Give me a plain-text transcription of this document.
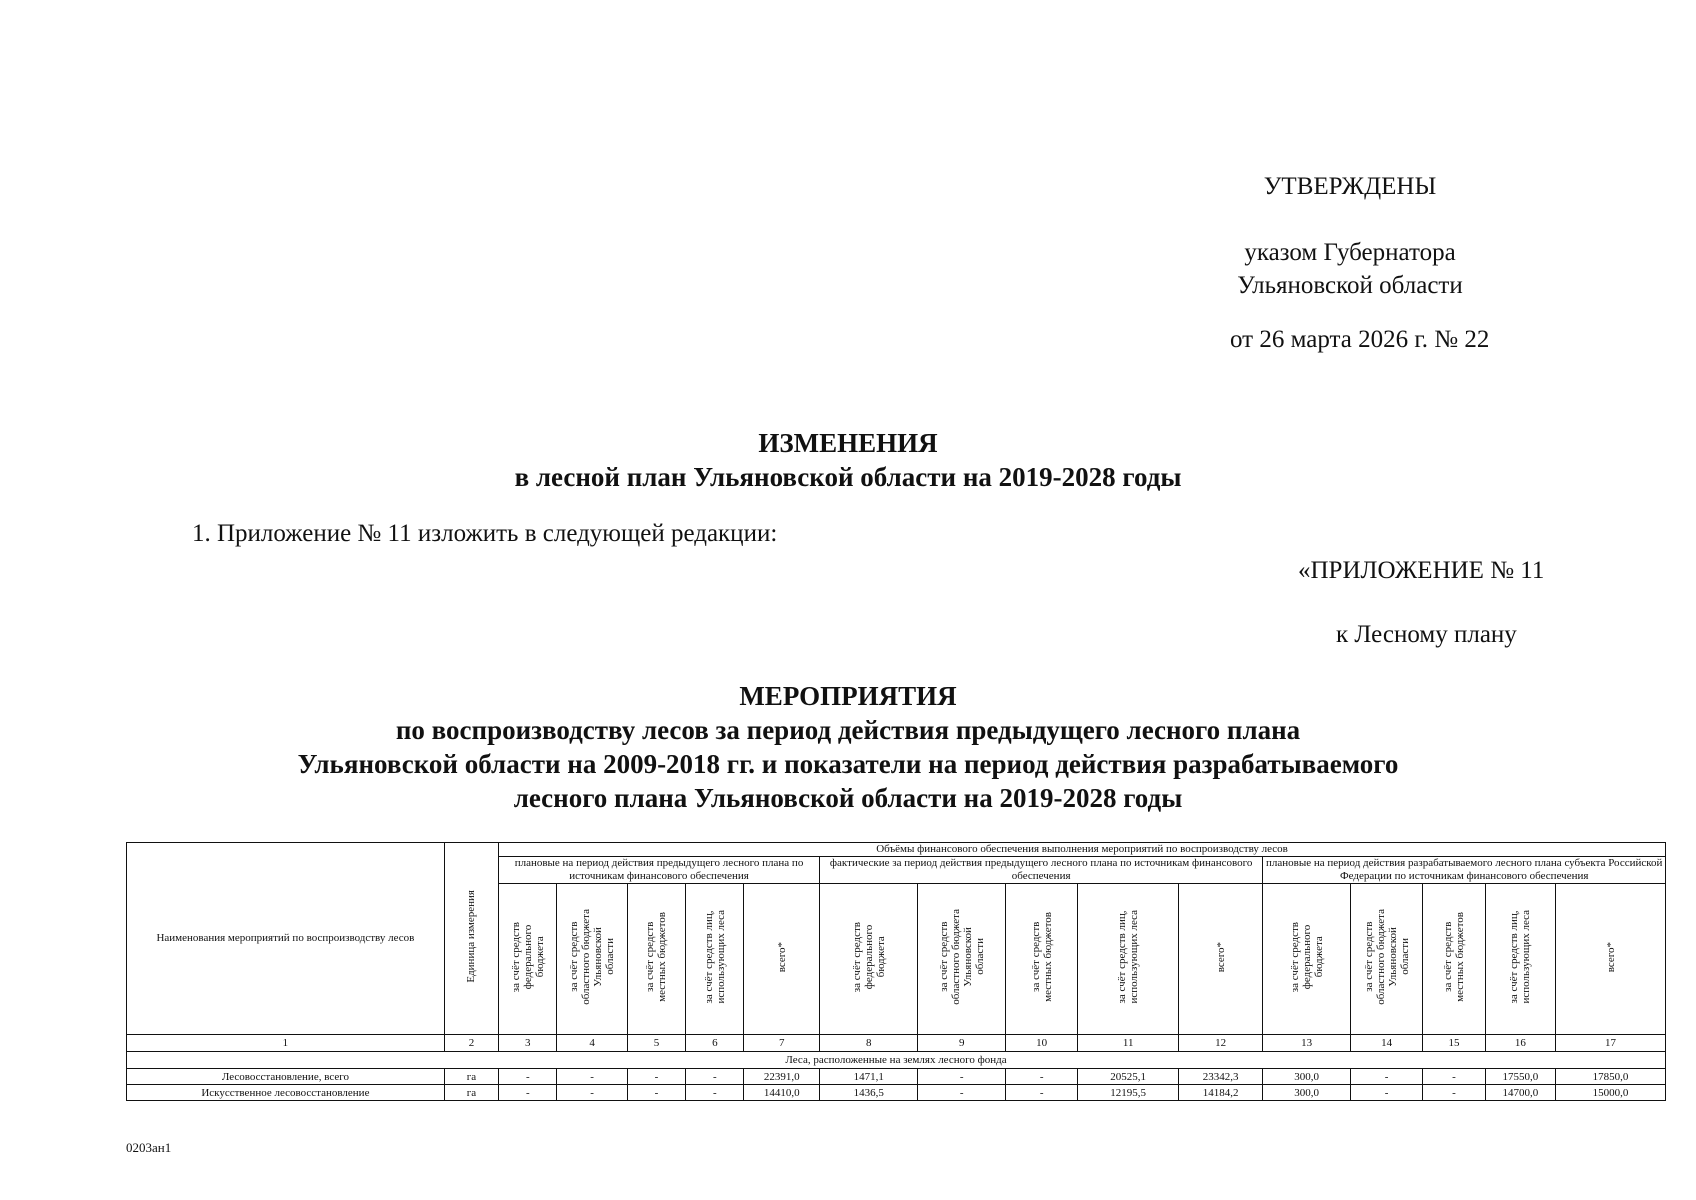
УТВЕРЖДЕНЫ
указом Губернатора
Ульяновской области
от 26 марта 2026 г. № 22
ИЗМЕНЕНИЯ
в лесной план Ульяновской области на 2019-2028 годы
1. Приложение № 11 изложить в следующей редакции:
«ПРИЛОЖЕНИЕ № 11
к Лесному плану
МЕРОПРИЯТИЯ
по воспроизводству лесов за период действия предыдущего лесного плана
Ульяновской области на 2009-2018 гг. и показатели на период действия разрабатываемого
лесного плана Ульяновской области на 2019-2028 годы
Наименования мероприятий по воспроизводству лесов	Единица измерения	Объёмы финансового обеспечения выполнения мероприятий по воспроизводству лесов														
		плановые на период действия предыдущего лесного плана по источникам финансового обеспечения					фактические за период действия предыдущего лесного плана по источникам финансового обеспечения					плановые на период действия разрабатываемого лесного плана субъекта Российской Федерации по источникам финансового обеспечения				
		за счёт средств
федерального
бюджета	за счёт средств
областного бюджета
Ульяновской
области	за счёт средств
местных бюджетов	за счёт средств лиц,
использующих леса	всего*	за счёт средств
федерального
бюджета	за счёт средств
областного бюджета
Ульяновской
области	за счёт средств
местных бюджетов	за счёт средств лиц,
использующих леса	всего*	за счёт средств
федерального
бюджета	за счёт средств
областного бюджета
Ульяновской
области	за счёт средств
местных бюджетов	за счёт средств лиц,
использующих леса	всего*
1	2	3	4	5	6	7	8	9	10	11	12	13	14	15	16	17
Леса, расположенные на землях лесного фонда																
Лесовосстановление, всего	га	-	-	-	-	22391,0	1471,1	-	-	20525,1	23342,3	300,0	-	-	17550,0	17850,0
Искусственное лесовосстановление	га	-	-	-	-	14410,0	1436,5	-	-	12195,5	14184,2	300,0	-	-	14700,0	15000,0
0203ан1
